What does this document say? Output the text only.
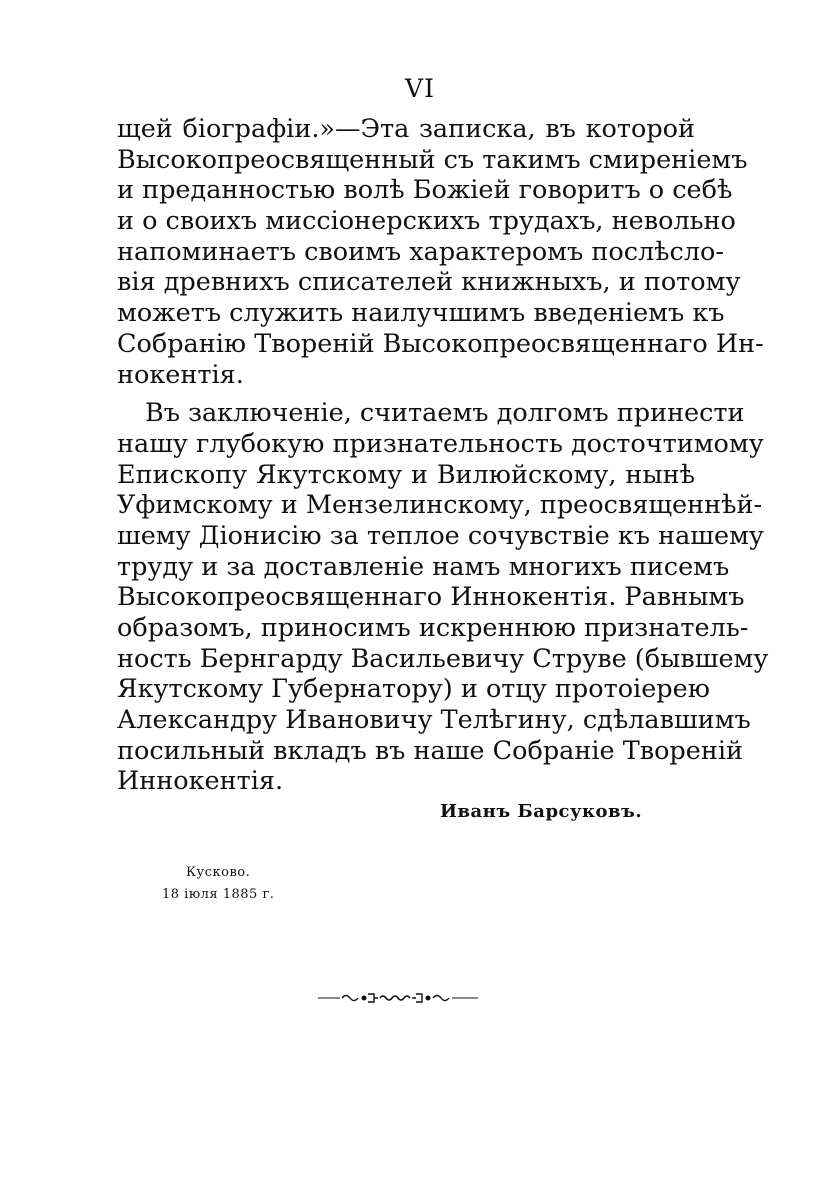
VI
щей біографіи.»—Эта записка, въ которой
Высокопреосвященный съ такимъ смиреніемъ
и преданностью волѣ Божіей говоритъ о себѣ
и о своихъ миссіонерскихъ трудахъ, невольно
напоминаетъ своимъ характеромъ послѣсло-
вія древнихъ списателей книжныхъ, и потому
можетъ служить наилучшимъ введеніемъ къ
Собранію Твореній Высокопреосвященнаго Ин-
нокентія.
Въ заключеніе, считаемъ долгомъ принести
нашу глубокую признательность досточтимому
Епископу Якутскому и Вилюйскому, нынѣ
Уфимскому и Мензелинскому, преосвященнѣй-
шему Діонисію за теплое сочувствіе къ нашему
труду и за доставленіе намъ многихъ писемъ
Высокопреосвященнаго Иннокентія. Равнымъ
образомъ, приносимъ искреннюю признатель-
ность Бернгарду Васильевичу Струве (бывшему
Якутскому Губернатору) и отцу протоіерею
Александру Ивановичу Телѣгину, сдѣлавшимъ
посильный вкладъ въ наше Собраніе Твореній
Иннокентія.
Иванъ Барсуковъ.
Кусково.
18 іюля 1885 г.
